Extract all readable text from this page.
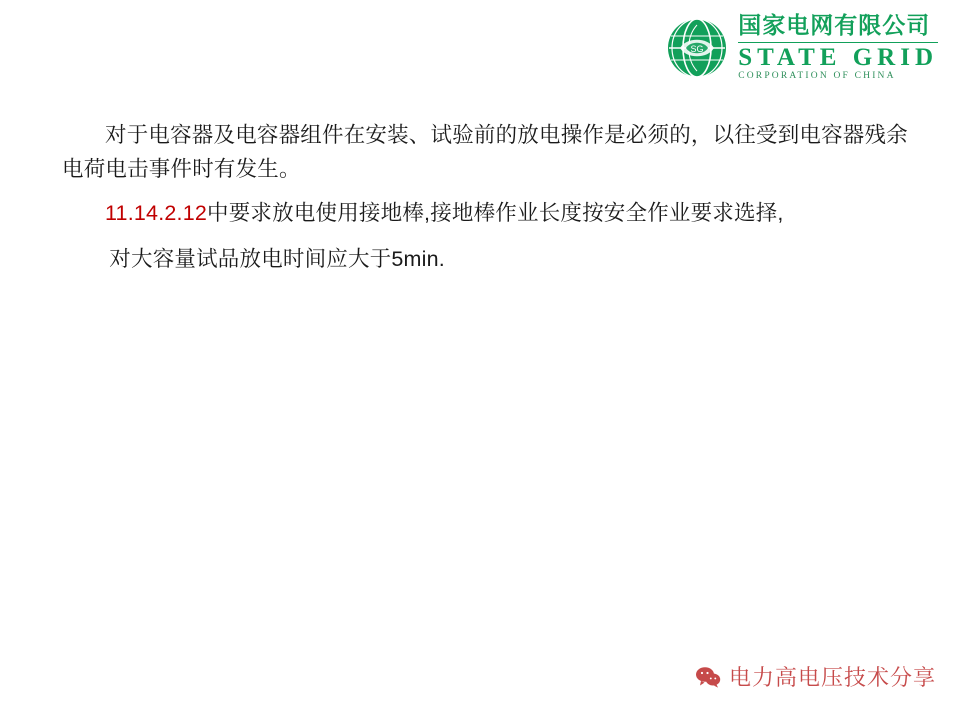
SG
国家电网有限公司
STATE GRID
CORPORATION OF CHINA
对于电容器及电容器组件在安装、试验前的放电操作是必须的，以往受到电容器残余电荷电击事件时有发生。
11.14.2.12中要求放电使用接地棒,接地棒作业长度按安全作业要求选择,
对大容量试品放电时间应大于5min.
电力高电压技术分享
